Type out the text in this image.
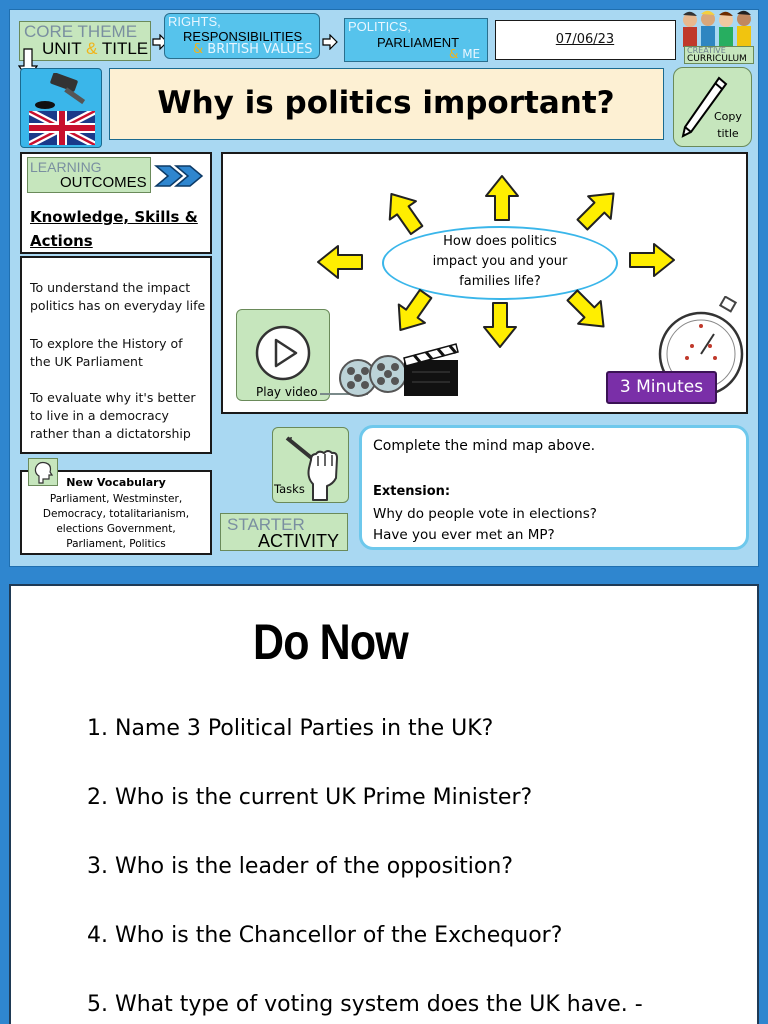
CORE THEME
UNIT & TITLE
RIGHTS,
RESPONSIBILITIES
& BRITISH VALUES
POLITICS,
PARLIAMENT
& ME
07/06/23
CREATIVE
CURRICULUM
Why is politics important?	Copy
title
LEARNING
OUTCOMES
Knowledge, Skills &
Actions
To understand the impact politics has on everyday life
To explore the History of the UK Parliament
To evaluate why it's better to live in a democracy rather than a dictatorship
New Vocabulary
Parliament, Westminster,
Democracy, totalitarianism,
elections Government,
Parliament, Politics
How does politics
impact you and your
families life?
Play video	3 Minutes
Tasks
STARTER
ACTIVITY
Complete the mind map above.
Extension:
Why do people vote in elections?
Have you ever met an MP?
Do Now
1. Name 3 Political Parties in the UK?
2. Who is the current UK Prime Minister?
3. Who is the leader of the opposition?
4. Who is the Chancellor of the Exchequor?
5. What type of voting system does the UK have. -
